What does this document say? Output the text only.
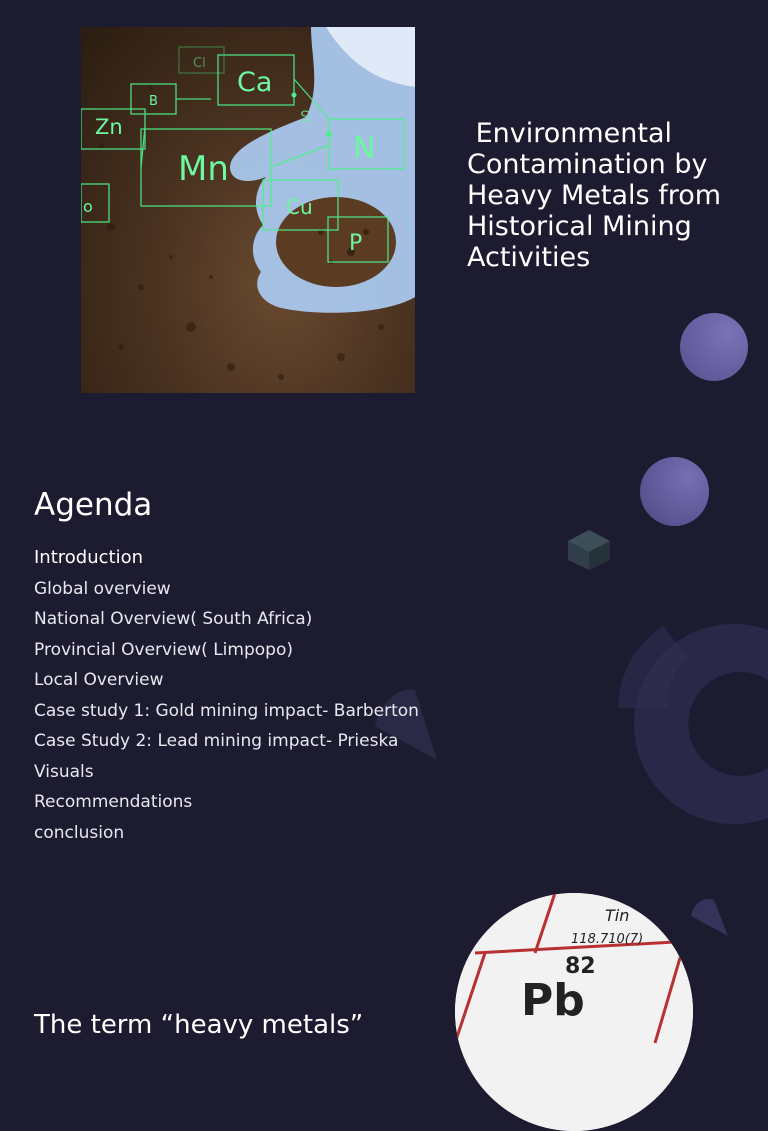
Cl
Ca
B
Zn	S
N
Mn
Cu
P
o
Environmental Contamination by Heavy Metals from Historical Mining Activities
Agenda
Introduction
Global overview
National Overview( South Africa)
Provincial Overview( Limpopo)
Local Overview
Case study 1: Gold mining impact- Barberton
Case Study 2: Lead mining impact- Prieska
Visuals
Recommendations
conclusion
Tin
118.710(7)
82
Pb
The term “heavy metals”
